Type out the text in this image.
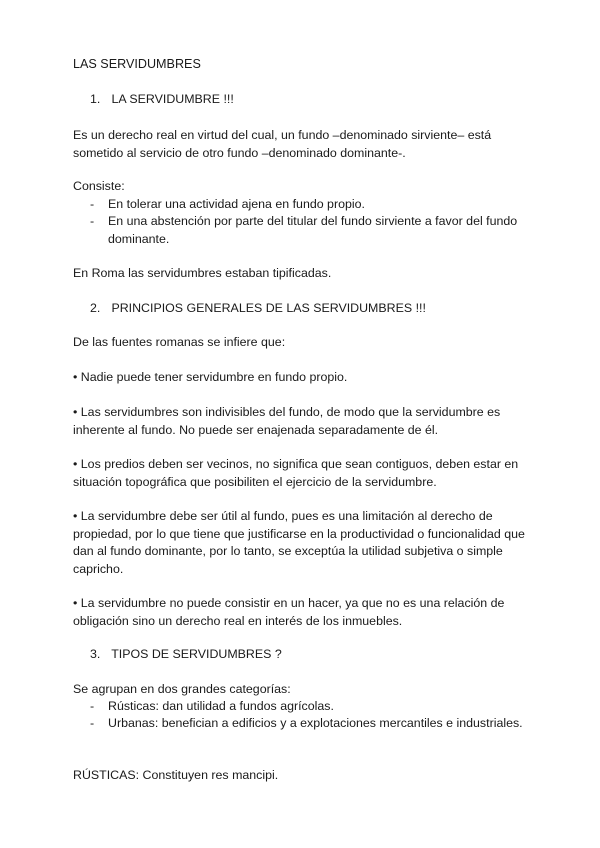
LAS SERVIDUMBRES

1. LA SERVIDUMBRE !!!

Es un derecho real en virtud del cual, un fundo –denominado sirviente– está sometido al servicio de otro fundo –denominado dominante-.

Consiste:

- En tolerar una actividad ajena en fundo propio.

- En una abstención por parte del titular del fundo sirviente a favor del fundo dominante.

En Roma las servidumbres estaban tipificadas.

2. PRINCIPIOS GENERALES DE LAS SERVIDUMBRES !!!

De las fuentes romanas se infiere que:

• Nadie puede tener servidumbre en fundo propio.

• Las servidumbres son indivisibles del fundo, de modo que la servidumbre es inherente al fundo. No puede ser enajenada separadamente de él.

• Los predios deben ser vecinos, no significa que sean contiguos, deben estar en situación topográfica que posibiliten el ejercicio de la servidumbre.

• La servidumbre debe ser útil al fundo, pues es una limitación al derecho de propiedad, por lo que tiene que justificarse en la productividad o funcionalidad que dan al fundo dominante, por lo tanto, se exceptúa la utilidad subjetiva o simple capricho.

• La servidumbre no puede consistir en un hacer, ya que no es una relación de obligación sino un derecho real en interés de los inmuebles.

3. TIPOS DE SERVIDUMBRES ?

Se agrupan en dos grandes categorías:

- Rústicas: dan utilidad a fundos agrícolas.

- Urbanas: benefician a edificios y a explotaciones mercantiles e industriales.

RÚSTICAS: Constituyen res mancipi.
